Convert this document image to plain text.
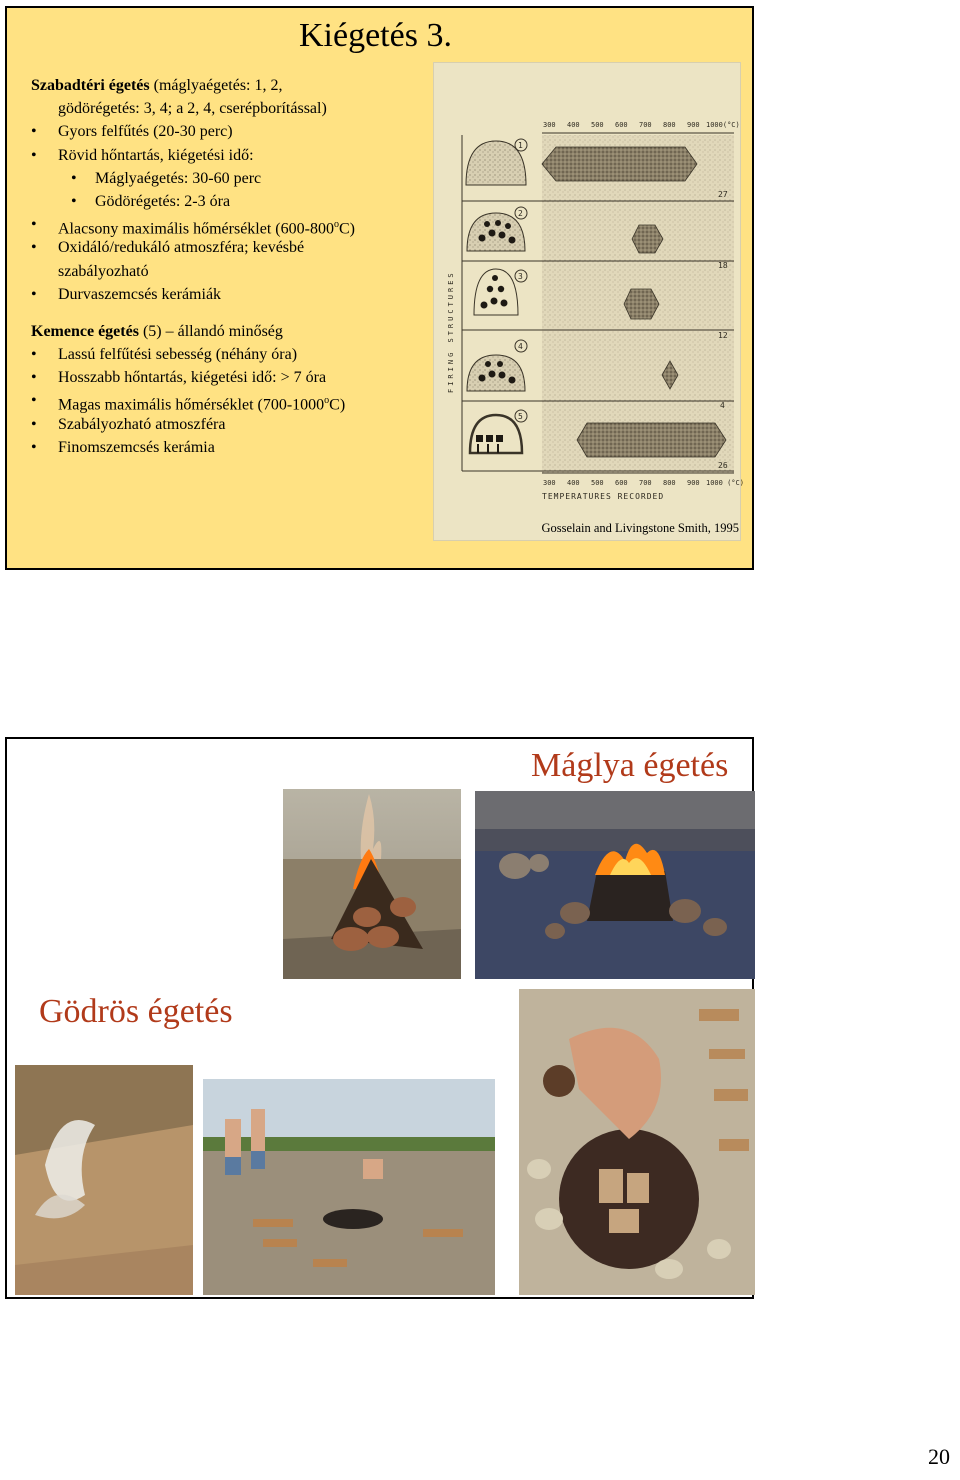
Kiégetés 3.
Szabadtéri égetés (máglyaégetés: 1, 2,
gödörégetés: 3, 4; a 2, 4, cserépborítással)
Gyors felfűtés (20-30 perc)
Rövid hőntartás, kiégetési idő:
Máglyaégetés: 30-60 perc
Gödörégetés: 2-3 óra
Alacsony maximális hőmérséklet (600-800$^o$C)
Oxidáló/redukáló atmoszféra; kevésbé
szabályozható
Durvaszemcsés kerámiák
Kemence égetés (5) – állandó minőség
Lassú felfűtési sebesség (néhány óra)
Hosszabb hőntartás, kiégetési idő: > 7 óra
Magas maximális hőmérséklet (700-1000$^o$C)
Szabályozható atmoszféra
Finomszemcsés kerámia
300 400 500 600 700 800 900 1000(°C)
FIRING STRUCTURES
1
2
3
4
5
27
18
12
4
26
300 400 500 600 700 800 900 1000 (°C)
TEMPERATURES RECORDED
Gosselain and Livingstone Smith, 1995
Máglya égetés
Gödrös égetés
20
